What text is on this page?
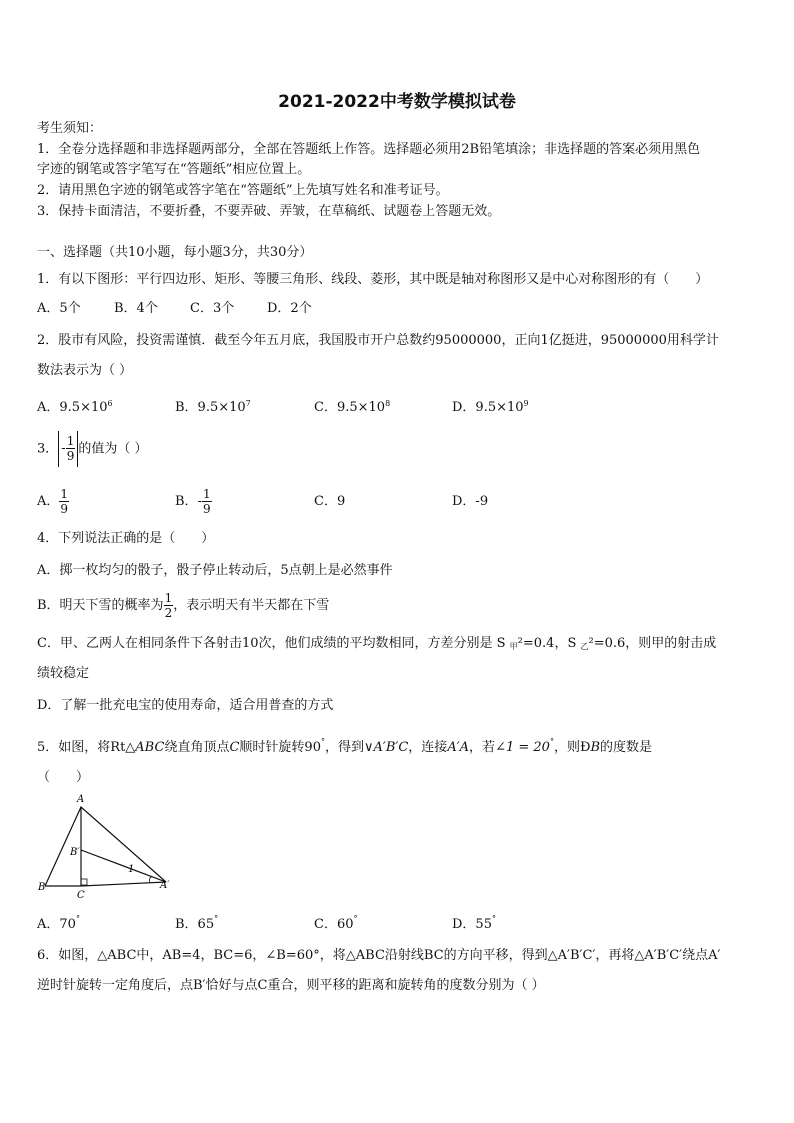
2021-2022中考数学模拟试卷
考生须知：
1．全卷分选择题和非选择题两部分，全部在答题纸上作答。选择题必须用2B铅笔填涂；非选择题的答案必须用黑色
字迹的钢笔或答字笔写在“答题纸”相应位置上。
2．请用黑色字迹的钢笔或答字笔在“答题纸”上先填写姓名和准考证号。
3．保持卡面清洁，不要折叠，不要弄破、弄皱，在草稿纸、试题卷上答题无效。
一、选择题（共10小题，每小题3分，共30分）
1．有以下图形：平行四边形、矩形、等腰三角形、线段、菱形，其中既是轴对称图形又是中心对称图形的有（　　）
A．5个	B．4个 C．3个	D．2个
2．股市有风险，投资需谨慎．截至今年五月底，我国股市开户总数约95000000，正向1亿挺进，95000000用科学计
数法表示为（ ）
A．$9.5\times 10^6$	B．$9.5\times 10^7$	C．$9.5\times 10^8$	D．$9.5\times 10^9$
3． - $\frac{1}{9}$ 的值为（ ）
A． $\frac{1}{9}$	B．- $\frac{1}{9}$	C．9	D．-9
4．下列说法正确的是（　　）
A．掷一枚均匀的骰子，骰子停止转动后，5点朝上是必然事件
B．明天下雪的概率为 $\frac{1}{2}$ ，表示明天有半天都在下雪
C．甲、乙两人在相同条件下各射击10次，他们成绩的平均数相同，方差分别是 S $_甲$²=0.4，S $_乙$²=0.6，则甲的射击成
绩较稳定
D．了解一批充电宝的使用寿命，适合用普查的方式
5．如图，将Rt△ABC绕直角顶点C顺时针旋转90°，得到∨A′B′C，连接A′A，若∠1 = 20°，则ÐB的度数是
（　　）
A
B′
B
C
A′
1
A．70°	B．65°	C．60°	D．55°
6．如图，△ABC中，AB=4，BC=6，∠B=60°，将△ABC沿射线BC的方向平移，得到△A′B′C′，再将△A′B′C′绕点A′
逆时针旋转一定角度后，点B′恰好与点C重合，则平移的距离和旋转角的度数分别为（ ）
